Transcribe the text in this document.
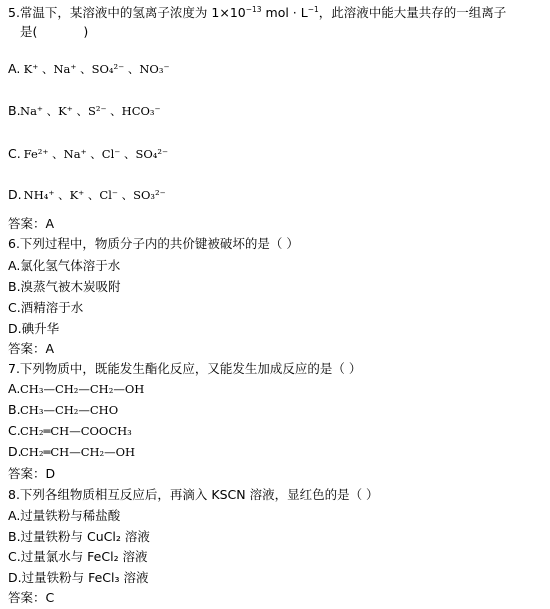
5.常温下，某溶液中的氢离子浓度为 $1\times 10^{-13}$ mol · $L^{-1}$，此溶液中能大量共存的一组离子
是(	)
A. K⁺ 、Na⁺ 、SO₄²⁻ 、NO₃⁻
B.Na⁺ 、K⁺ 、S²⁻ 、HCO₃⁻
C. Fe²⁺ 、Na⁺ 、Cl⁻ 、SO₄²⁻
D. NH₄⁺ 、K⁺ 、Cl⁻ 、SO₃²⁻
答案：A
6.下列过程中，物质分子内的共价键被破坏的是（ ）
A.氯化氢气体溶于水
B.溴蒸气被木炭吸附
C.酒精溶于水
D.碘升华
答案：A
7.下列物质中，既能发生酯化反应，又能发生加成反应的是（ ）
A.CH₃—CH₂—CH₂—OH
B.CH₃—CH₂—CHO
C.CH₂═CH—COOCH₃
D.CH₂═CH—CH₂—OH
答案：D
8.下列各组物质相互反应后，再滴入 KSCN 溶液，显红色的是（ ）
A.过量铁粉与稀盐酸
B.过量铁粉与 CuCl₂ 溶液
C.过量氯水与 FeCl₂ 溶液
D.过量铁粉与 FeCl₃ 溶液
答案：C
